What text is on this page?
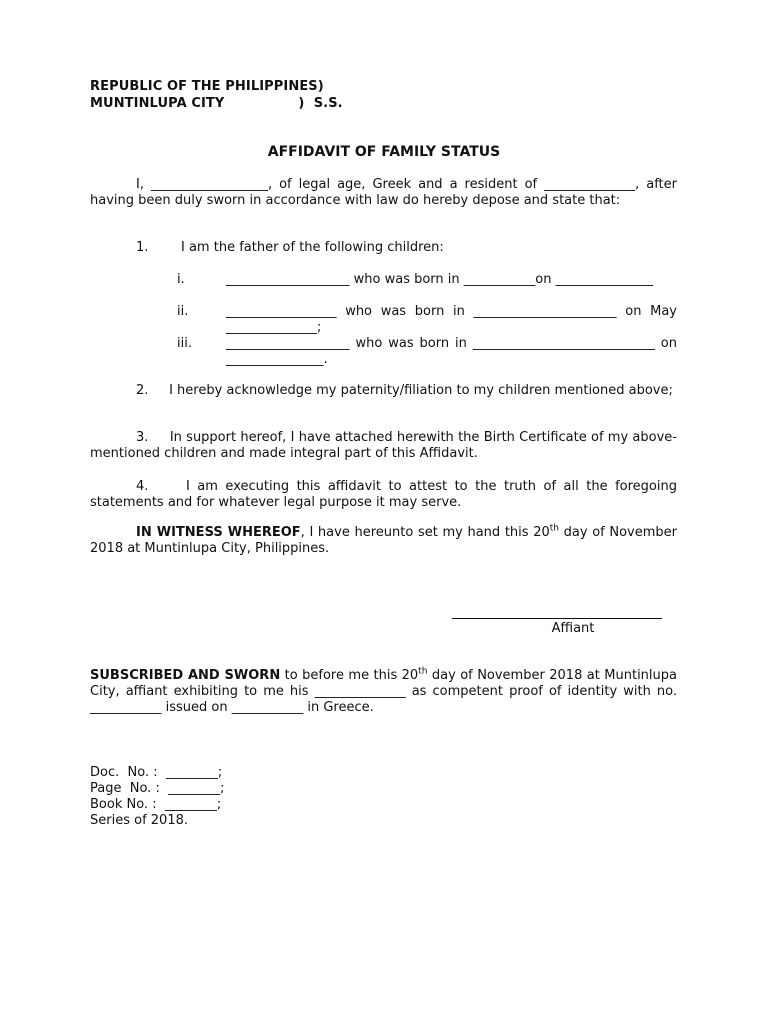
REPUBLIC OF THE PHILIPPINES)
MUNTINLUPA CITY                )  S.S.
AFFIDAVIT OF FAMILY STATUS
I, __________________, of legal age, Greek and a resident of ______________, after having been duly sworn in accordance with law do hereby depose and state that:
1.	I am the father of the following children:
i.	___________________ who was born in ___________on _______________
ii.	_________________ who was born in ______________________ on May ______________;
iii.	___________________ who was born in ____________________________ on _______________.
2. I hereby acknowledge my paternity/filiation to my children mentioned above;
3. In support hereof, I have attached herewith the Birth Certificate of my above-mentioned children and made integral part of this Affidavit.
4.	I am executing this affidavit to attest to the truth of all the foregoing statements and for whatever legal purpose it may serve.
IN WITNESS WHEREOF, I have hereunto set my hand this 20th day of November 2018 at Muntinlupa City, Philippines.
Affiant
SUBSCRIBED AND SWORN to before me this 20th day of November 2018 at Muntinlupa City, affiant exhibiting to me his ______________ as competent proof of identity with no. ___________ issued on ___________ in Greece.
Doc.  No. :  ________;
Page  No. :  ________;
Book No. :  ________;
Series of 2018.
